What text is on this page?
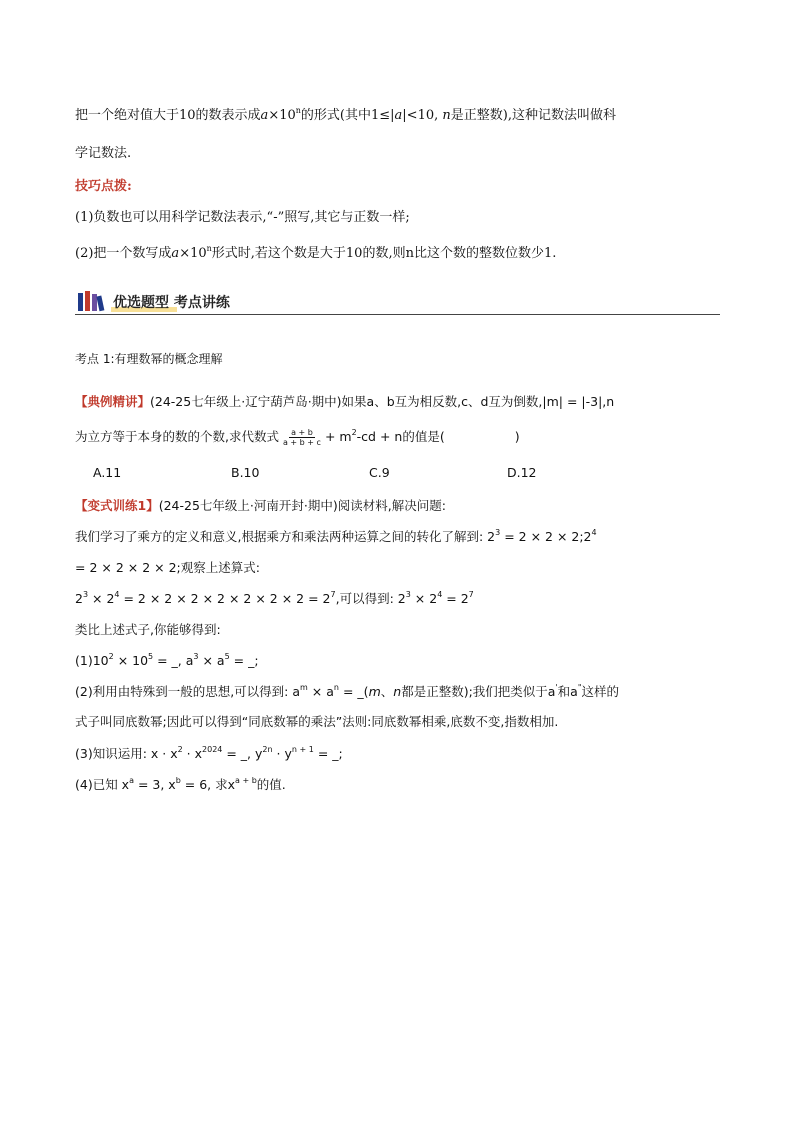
把一个绝对值大于10的数表示成$a\times 10^n$的形式(其中1≤|a|<10, n是正整数),这种记数法叫做科
学记数法.
技巧点拨:
(1)负数也可以用科学记数法表示,“-”照写,其它与正数一样;
(2)把一个数写成$a\times 10^n$形式时,若这个数是大于10的数,则n比这个数的整数位数少1.
优选题型 考点讲练
考点 1:有理数幂的概念理解
【典例精讲】(24-25七年级上·辽宁葫芦岛·期中)如果a、b互为相反数,c、d互为倒数,|m| = |-3|,n
为立方等于本身的数的个数,求代数式 $\frac{a + b}{a + b + c} + m^2-cd + n$的值是(	)
A.11	B.10	C.9	D.12
【变式训练1】(24-25七年级上·河南开封·期中)阅读材料,解决问题:
我们学习了乘方的定义和意义,根据乘方和乘法两种运算之间的转化了解到: $2^3 = 2 \times 2$ × $2;2^4$
= 2 × 2 × 2 × 2;观察上述算式:
$2^3 \times 2^4 = 2 \times 2 \times 2 \times 2 \times 2 \times 2 \times 2 = 2^7$,可以得到: $2^3 \times 2^4 = 2^7$
类比上述式子,你能够得到:
$(1)10^2 \times 10^5$ = _, $a^3 \times a^5$ = _;
(2)利用由特殊到一般的思想,可以得到: $a^m \times a^n$ = _(m、n都是正整数);我们把类似于a'和a"这样的
式子叫同底数幂;因此可以得到“同底数幂的乘法”法则:同底数幂相乘,底数不变,指数相加.
(3)知识运用: $x \cdot x^2 \cdot x^{2024}$ = _, $y^{2n} \cdot y^{n + 1}$ = _;
(4)已知 $x^a = 3$, $x^b = 6$, 求$x^{a + b}$的值.
